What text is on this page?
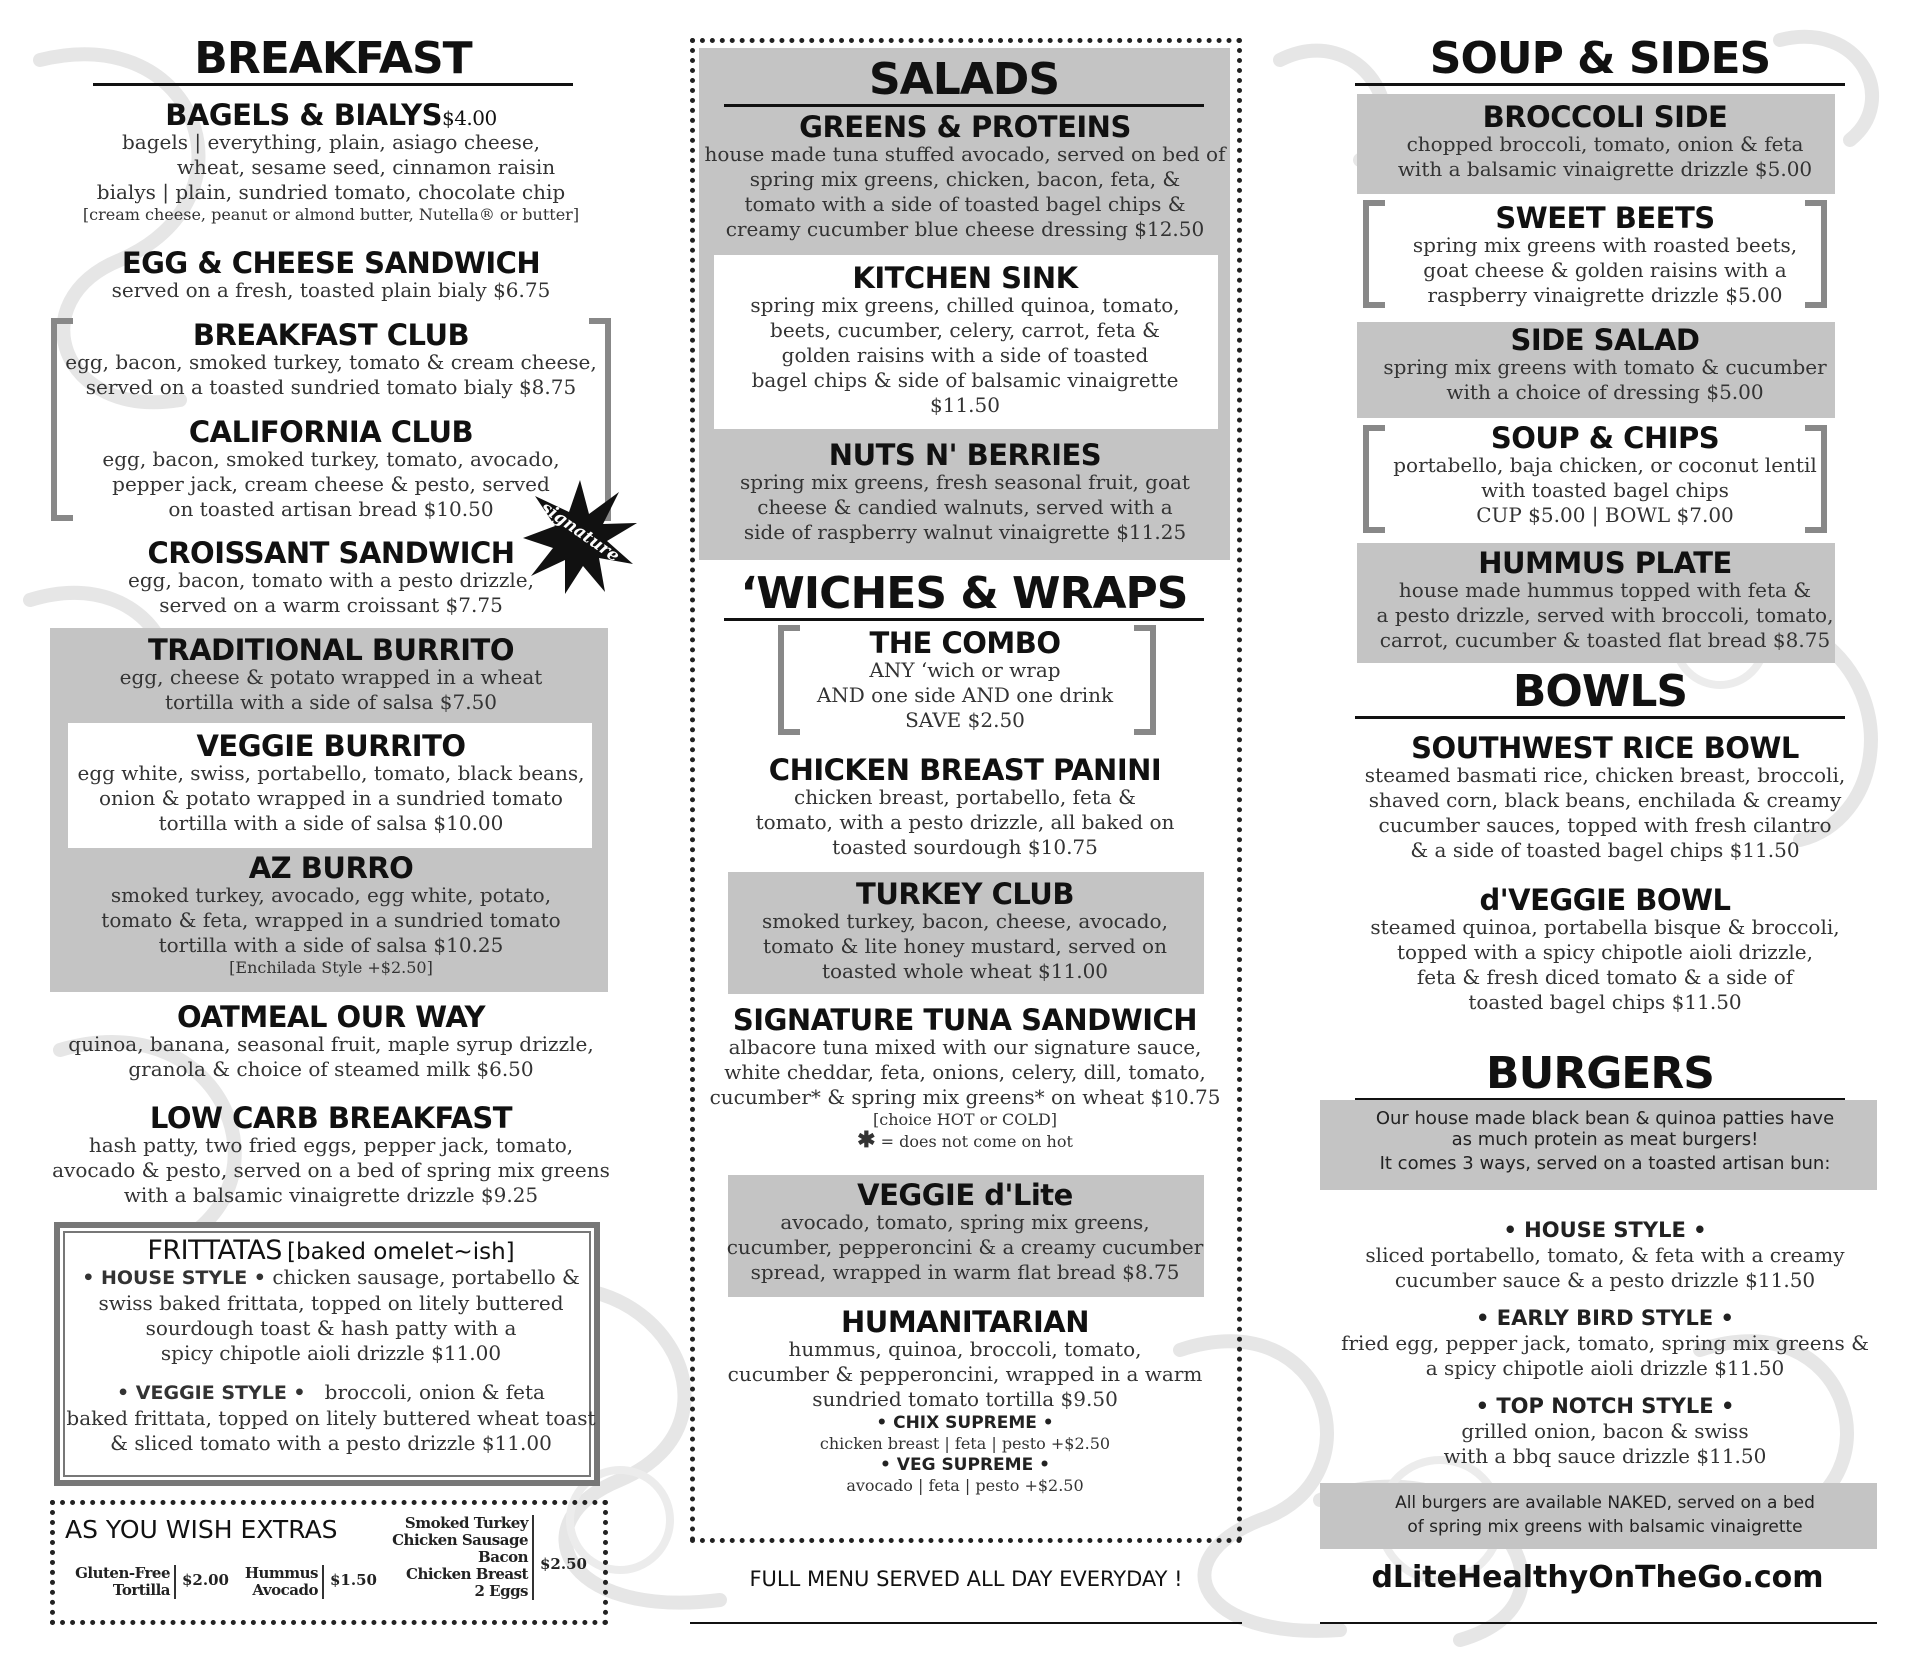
BREAKFAST
BAGELS & BIALYS$4.00
bagels | everything, plain, asiago cheese,
wheat, sesame seed, cinnamon raisin
bialys | plain, sundried tomato, chocolate chip
[cream cheese, peanut or almond butter, Nutella® or butter]
EGG & CHEESE SANDWICH
served on a fresh, toasted plain bialy $6.75
BREAKFAST CLUB
egg, bacon, smoked turkey, tomato & cream cheese,
served on a toasted sundried tomato bialy $8.75
CALIFORNIA CLUB
egg, bacon, smoked turkey, tomato, avocado,
pepper jack, cream cheese & pesto, served
on toasted artisan bread $10.50	signature
CROISSANT SANDWICH
egg, bacon, tomato with a pesto drizzle,
served on a warm croissant $7.75
TRADITIONAL BURRITO
egg, cheese & potato wrapped in a wheat
tortilla with a side of salsa $7.50
VEGGIE BURRITO
egg white, swiss, portabello, tomato, black beans,
onion & potato wrapped in a sundried tomato
tortilla with a side of salsa $10.00
AZ BURRO
smoked turkey, avocado, egg white, potato,
tomato & feta, wrapped in a sundried tomato
tortilla with a side of salsa $10.25
[Enchilada Style +$2.50]
OATMEAL OUR WAY
quinoa, banana, seasonal fruit, maple syrup drizzle,
granola & choice of steamed milk $6.50
LOW CARB BREAKFAST
hash patty, two fried eggs, pepper jack, tomato,
avocado & pesto, served on a bed of spring mix greens
with a balsamic vinaigrette drizzle $9.25
FRITTATAS [baked omelet~ish]
• HOUSE STYLE • chicken sausage, portabello &
swiss baked frittata, topped on litely buttered
sourdough toast & hash patty with a
spicy chipotle aioli drizzle $11.00
• VEGGIE STYLE • broccoli, onion & feta
baked frittata, topped on litely buttered wheat toast
& sliced tomato with a pesto drizzle $11.00
AS YOU WISH EXTRAS
Gluten-Free
Tortilla
$2.00	Hummus
Avocado
$1.50
Smoked Turkey
Chicken Sausage
Bacon
Chicken Breast
2 Eggs
$2.50
SALADS
GREENS & PROTEINS
house made tuna stuffed avocado, served on bed of
spring mix greens, chicken, bacon, feta, &
tomato with a side of toasted bagel chips &
creamy cucumber blue cheese dressing $12.50
KITCHEN SINK
spring mix greens, chilled quinoa, tomato,
beets, cucumber, celery, carrot, feta &
golden raisins with a side of toasted
bagel chips & side of balsamic vinaigrette
$11.50
NUTS N' BERRIES
spring mix greens, fresh seasonal fruit, goat
cheese & candied walnuts, served with a
side of raspberry walnut vinaigrette $11.25
‘WICHES & WRAPS
THE COMBO
ANY ‘wich or wrap
AND one side AND one drink
SAVE $2.50
CHICKEN BREAST PANINI
chicken breast, portabello, feta &
tomato, with a pesto drizzle, all baked on
toasted sourdough $10.75
TURKEY CLUB
smoked turkey, bacon, cheese, avocado,
tomato & lite honey mustard, served on
toasted whole wheat $11.00
SIGNATURE TUNA SANDWICH
albacore tuna mixed with our signature sauce,
white cheddar, feta, onions, celery, dill, tomato,
cucumber* & spring mix greens* on wheat $10.75
[choice HOT or COLD]
✱ = does not come on hot
VEGGIE d'Lite
avocado, tomato, spring mix greens,
cucumber, pepperoncini & a creamy cucumber
spread, wrapped in warm flat bread $8.75
HUMANITARIAN
hummus, quinoa, broccoli, tomato,
cucumber & pepperoncini, wrapped in a warm
sundried tomato tortilla $9.50
• CHIX SUPREME •
chicken breast | feta | pesto +$2.50
• VEG SUPREME •
avocado | feta | pesto +$2.50
FULL MENU SERVED ALL DAY EVERYDAY !
SOUP & SIDES
BROCCOLI SIDE
chopped broccoli, tomato, onion & feta
with a balsamic vinaigrette drizzle $5.00
SWEET BEETS
spring mix greens with roasted beets,
goat cheese & golden raisins with a
raspberry vinaigrette drizzle $5.00
SIDE SALAD
spring mix greens with tomato & cucumber
with a choice of dressing $5.00
SOUP & CHIPS
portabello, baja chicken, or coconut lentil
with toasted bagel chips
CUP $5.00 | BOWL $7.00
HUMMUS PLATE
house made hummus topped with feta &
a pesto drizzle, served with broccoli, tomato,
carrot, cucumber & toasted flat bread $8.75
BOWLS
SOUTHWEST RICE BOWL
steamed basmati rice, chicken breast, broccoli,
shaved corn, black beans, enchilada & creamy
cucumber sauces, topped with fresh cilantro
& a side of toasted bagel chips $11.50
d'VEGGIE BOWL
steamed quinoa, portabella bisque & broccoli,
topped with a spicy chipotle aioli drizzle,
feta & fresh diced tomato & a side of
toasted bagel chips $11.50
BURGERS
Our house made black bean & quinoa patties have
as much protein as meat burgers!
It comes 3 ways, served on a toasted artisan bun:
• HOUSE STYLE •
sliced portabello, tomato, & feta with a creamy
cucumber sauce & a pesto drizzle $11.50
• EARLY BIRD STYLE •
fried egg, pepper jack, tomato, spring mix greens &
a spicy chipotle aioli drizzle $11.50
• TOP NOTCH STYLE •
grilled onion, bacon & swiss
with a bbq sauce drizzle $11.50
All burgers are available NAKED, served on a bed
of spring mix greens with balsamic vinaigrette
dLiteHealthyOnTheGo.com
